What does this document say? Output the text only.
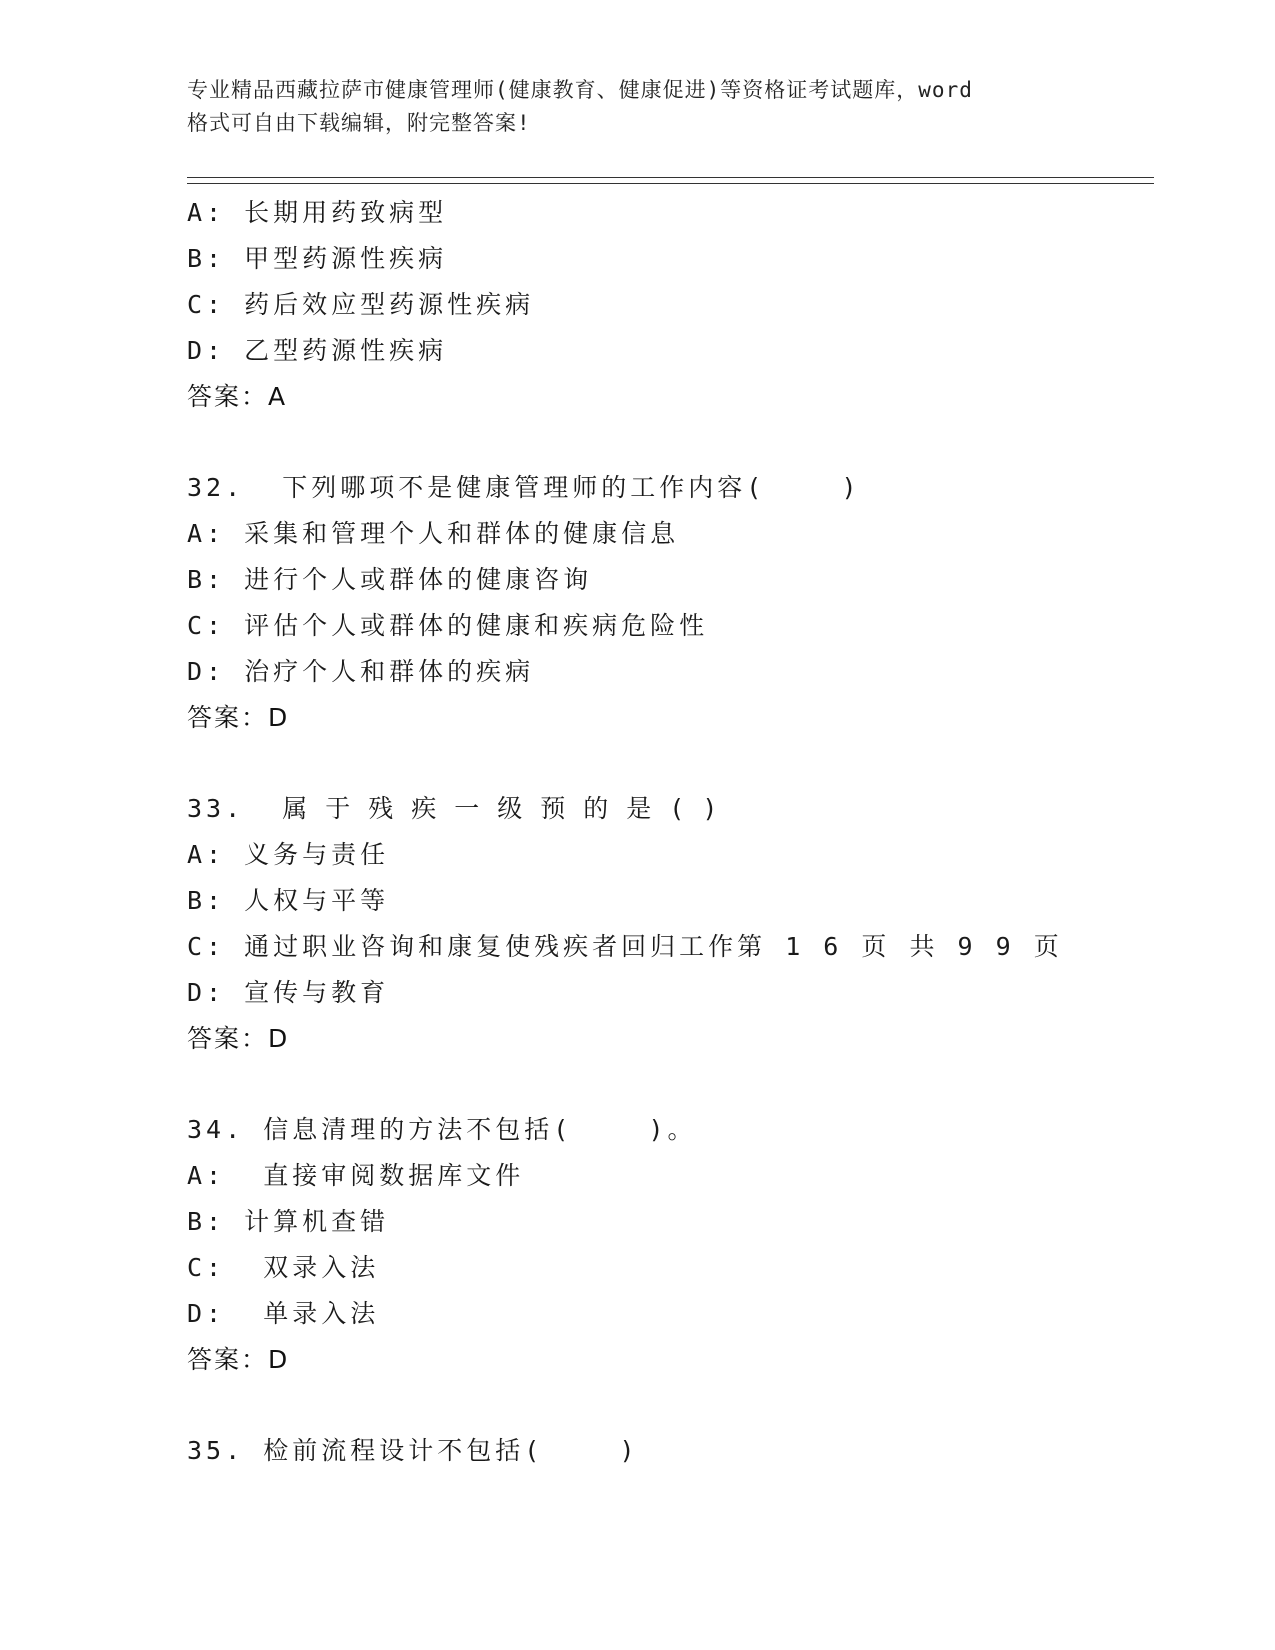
专业精品西藏拉萨市健康管理师(健康教育、健康促进)等资格证考试题库，word
格式可自由下载编辑，附完整答案!
A: 长期用药致病型
B: 甲型药源性疾病
C: 药后效应型药源性疾病
D: 乙型药源性疾病
答案：A
32.  下列哪项不是健康管理师的工作内容(    )
A: 采集和管理个人和群体的健康信息
B: 进行个人或群体的健康咨询
C: 评估个人或群体的健康和疾病危险性
D: 治疗个人和群体的疾病
答案：D
33.  属于残疾一级预的是()
A: 义务与责任
B: 人权与平等
C: 通过职业咨询和康复使残疾者回归工作第 1 6 页 共 9 9 页
D: 宣传与教育
答案：D
34. 信息清理的方法不包括(    )。
A:  直接审阅数据库文件
B: 计算机查错
C:  双录入法
D:  单录入法
答案：D
35. 检前流程设计不包括(    )
